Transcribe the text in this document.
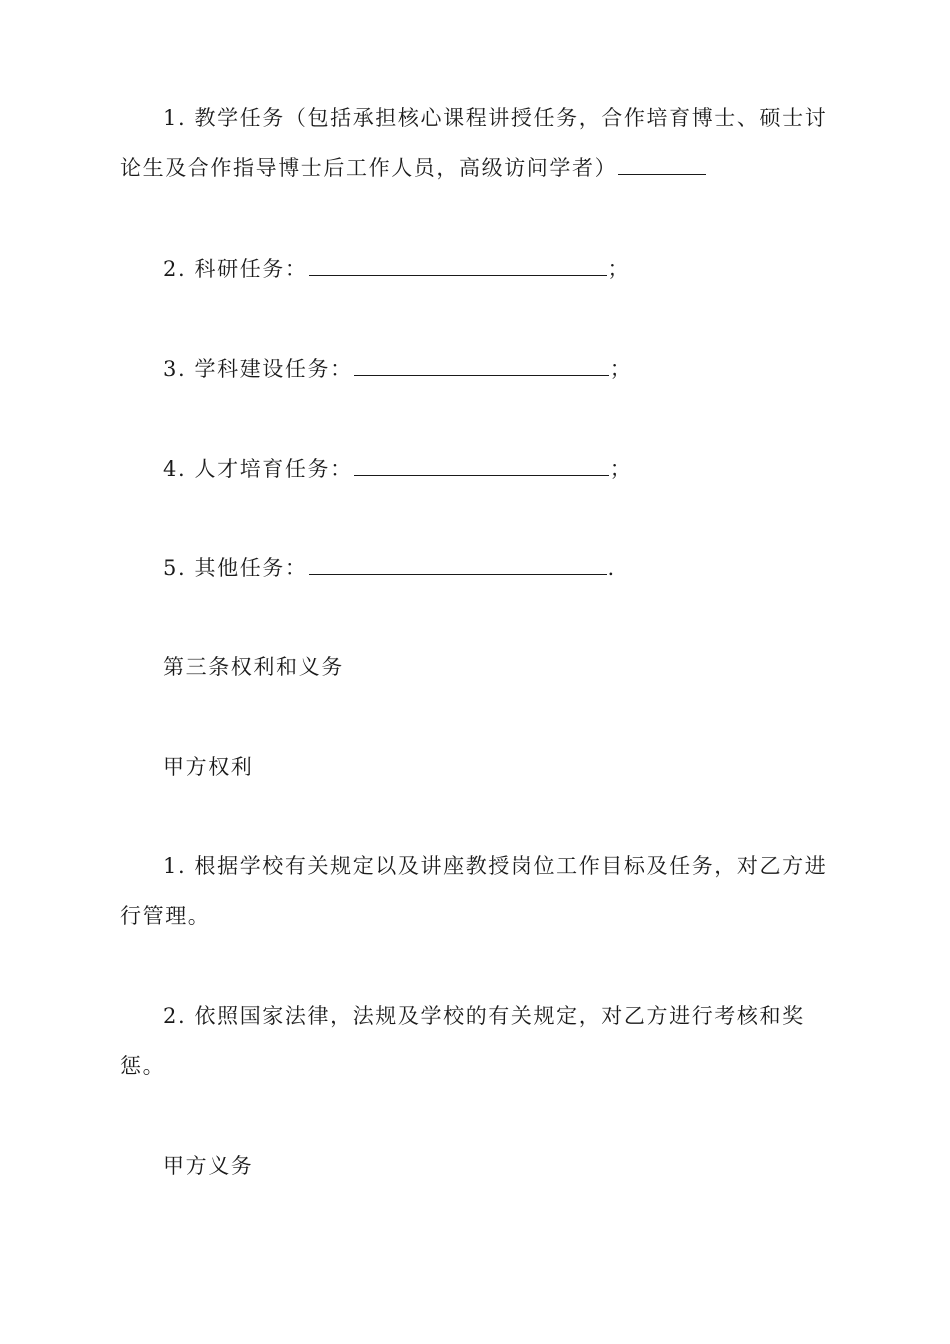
1. 教学任务（包括承担核心课程讲授任务，合作培育博士、硕士讨论生及合作指导博士后工作人员，高级访问学者）

2. 科研任务：	；

3. 学科建设任务：	；

4. 人才培育任务：	；

5. 其他任务：	.

第三条权利和义务

甲方权利

1. 根据学校有关规定以及讲座教授岗位工作目标及任务，对乙方进行管理。

2. 依照国家法律，法规及学校的有关规定，对乙方进行考核和奖惩。

甲方义务
